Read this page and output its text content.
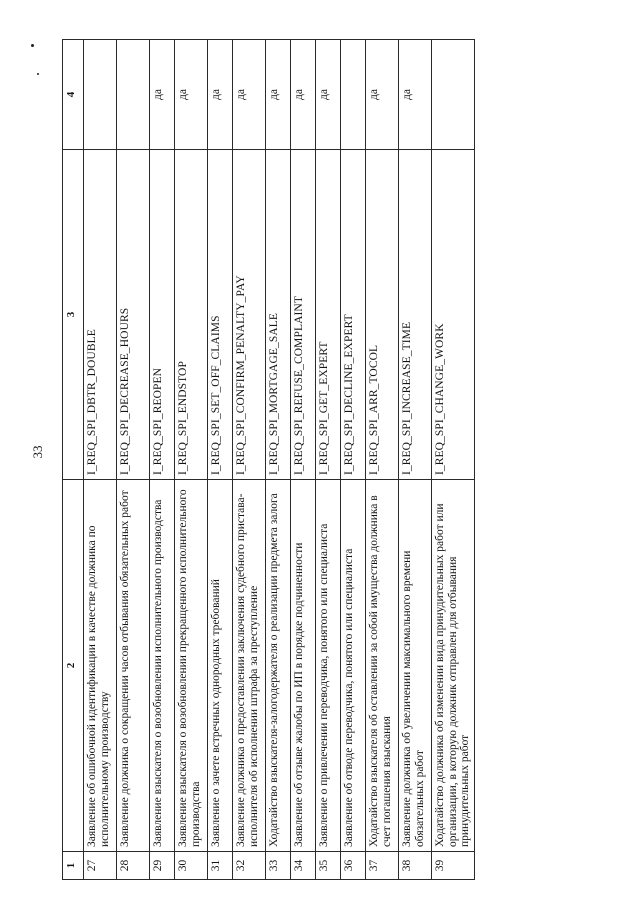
33
1	2	3	4
27	Заявление об ошибочной идентификации в качестве должника по исполнительному производству	I_REQ_SPI_DBTR_DOUBLE	
28	Заявление должника о сокращении часов отбывания обязательных работ	I_REQ_SPI_DECREASE_HOURS	
29	Заявление взыскателя о возобновлении исполнительного производства	I_REQ_SPI_REOPEN	да
30	Заявление взыскателя о возобновлении прекращенного исполнительного производства	I_REQ_SPI_ENDSTOP	да
31	Заявление о зачете встречных однородных требований	I_REQ_SPI_SET_OFF_CLAIMS	да
32	Заявление должника о предоставлении заключения судебного пристава-исполнителя об исполнении штрафа за преступление	I_REQ_SPI_CONFIRM_PENALTY_PAY	да
33	Ходатайство взыскателя-залогодержателя о реализации предмета залога	I_REQ_SPI_MORTGAGE_SALE	да
34	Заявление об отзыве жалобы по ИП в порядке подчиненности	I_REQ_SPI_REFUSE_COMPLAINT	да
35	Заявление о привлечении переводчика, понятого или специалиста	I_REQ_SPI_GET_EXPERT	да
36	Заявление об отводе переводчика, понятого или специалиста	I_REQ_SPI_DECLINE_EXPERT	
37	Ходатайство взыскателя об оставлении за собой имущества должника в счет погашения взыскания	I_REQ_SPI_ARR_TOCOL	да
38	Заявление должника об увеличении максимального времени обязательных работ	I_REQ_SPI_INCREASE_TIME	да
39	Ходатайство должника об изменении вида принудительных работ или организации, в которую должник отправлен для отбывания принудительных работ	I_REQ_SPI_CHANGE_WORK	
